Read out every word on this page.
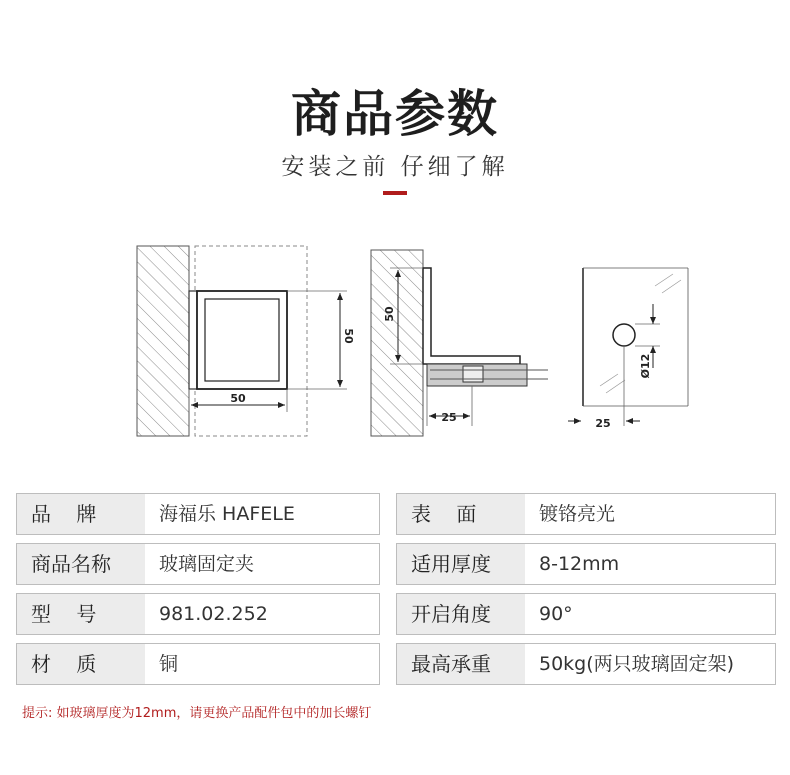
商品参数
安装之前 仔细了解
50
50
50
25
Ø12
25
品    牌	海福乐 HAFELE	表    面	镀铬亮光
商品名称	玻璃固定夹	适用厚度	8-12mm
型    号	981.02.252	开启角度	90°
材    质	铜	最高承重	50kg(两只玻璃固定架)
提示: 如玻璃厚度为12mm，请更换产品配件包中的加长螺钉
